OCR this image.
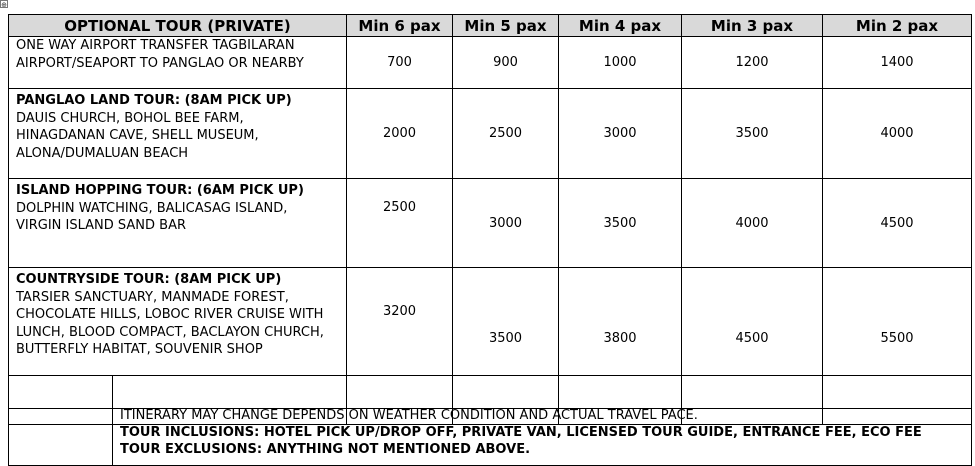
⊕
OPTIONAL TOUR (PRIVATE)	Min 6 pax	Min 5 pax	Min 4 pax	Min 3 pax	Min 2 pax

ONE WAY AIRPORT TRANSFER TAGBILARAN
AIRPORT/SEAPORT TO PANGLAO OR NEARBY	700	900	1000	1200	1400

PANGLAO LAND TOUR: (8AM PICK UP)
DAUIS CHURCH, BOHOL BEE FARM,
HINAGDANAN CAVE, SHELL MUSEUM,
ALONA/DUMALUAN BEACH	2000	2500	3000	3500	4000

ISLAND HOPPING TOUR: (6AM PICK UP)
DOLPHIN WATCHING, BALICASAG ISLAND,
VIRGIN ISLAND SAND BAR	2500	3000	3500	4000	4500

COUNTRYSIDE TOUR: (8AM PICK UP)
TARSIER SANCTUARY, MANMADE FOREST,
CHOCOLATE HILLS, LOBOC RIVER CRUISE WITH
LUNCH, BLOOD COMPACT, BACLAYON CHURCH,
BUTTERFLY HABITAT, SOUVENIR SHOP	3200	3500	3800	4500	5500

ITINERARY MAY CHANGE DEPENDS ON WEATHER CONDITION AND ACTUAL TRAVEL PACE.
TOUR INCLUSIONS: HOTEL PICK UP/DROP OFF, PRIVATE VAN, LICENSED TOUR GUIDE, ENTRANCE FEE, ECO FEE
TOUR EXCLUSIONS: ANYTHING NOT MENTIONED ABOVE.
